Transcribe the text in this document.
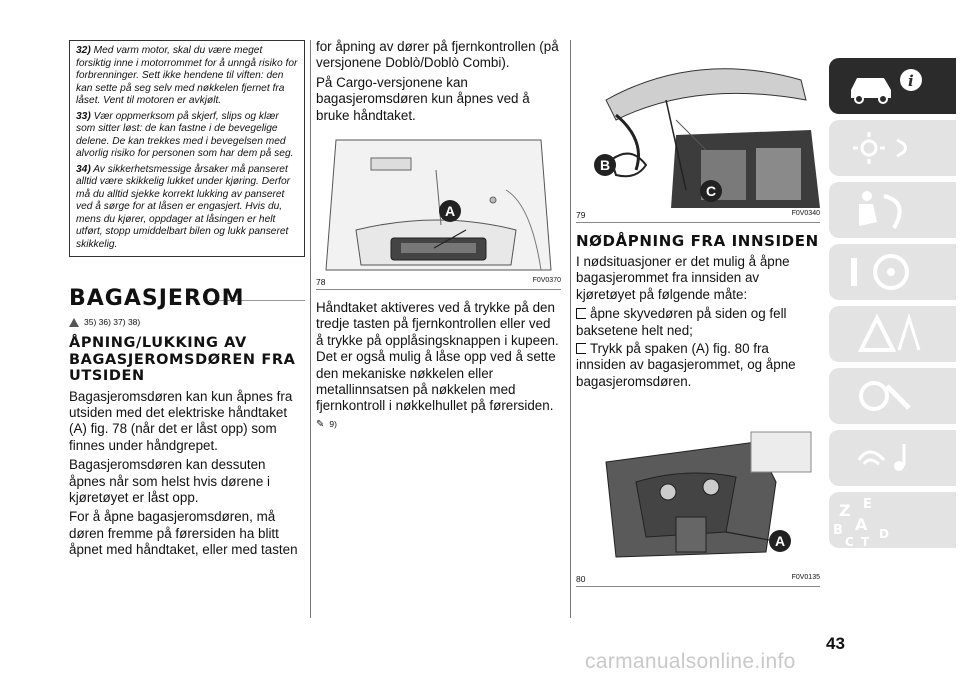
32) Med varm motor, skal du være meget forsiktig inne i motorrommet for å unngå risiko for forbrenninger. Sett ikke hendene til viften: den kan sette på seg selv med nøkkelen fjernet fra låset. Vent til motoren er avkjølt.

33) Vær oppmerksom på skjerf, slips og klær som sitter løst: de kan fastne i de bevegelige delene. De kan trekkes med i bevegelsen med alvorlig risiko for personen som har dem på seg.

34) Av sikkerhetsmessige årsaker må panseret alltid være skikkelig lukket under kjøring. Derfor må du alltid sjekke korrekt lukking av panseret ved å sørge for at låsen er engasjert. Hvis du, mens du kjører, oppdager at låsingen er helt utført, stopp umiddelbart bilen og lukk panseret skikkelig.

BAGASJEROM
35) 36) 37) 38)
ÅPNING/LUKKING AV BAGASJEROMSDØREN FRA UTSIDEN

Bagasjeromsdøren kan kun åpnes fra utsiden med det elektriske håndtaket (A) fig. 78 (når det er låst opp) som finnes under håndgrepet.

Bagasjeromsdøren kan dessuten åpnes når som helst hvis dørene i kjøretøyet er låst opp.

For å åpne bagasjeromsdøren, må døren fremme på førersiden ha blitt åpnet med håndtaket, eller med tasten

for åpning av dører på fjernkontrollen (på versjonene Doblò/Doblò Combi).

På Cargo-versjonene kan bagasjeromsdøren kun åpnes ved å bruke håndtaket.

A
78	F0V0370

Håndtaket aktiveres ved å trykke på den tredje tasten på fjernkontrollen eller ved å trykke på opplåsingsknappen i kupeen. Det er også mulig å låse opp ved å sette den mekaniske nøkkelen eller metallinnsatsen på nøkkelen med fjernkontroll i nøkkelhullet på førersiden.

✎ 9)
B
C
79	F0V0340
NØDÅPNING FRA INNSIDEN

I nødsituasjoner er det mulig å åpne bagasjerommet fra innsiden av kjøretøyet på følgende måte:

åpne skyvedøren på siden og fell baksetene helt ned;

Trykk på spaken (A) fig. 80 fra innsiden av bagasjerommet, og åpne bagasjeromsdøren.

A
80	F0V0135
i
Z E
B A
C T
D
43
carmanualsonline.info
